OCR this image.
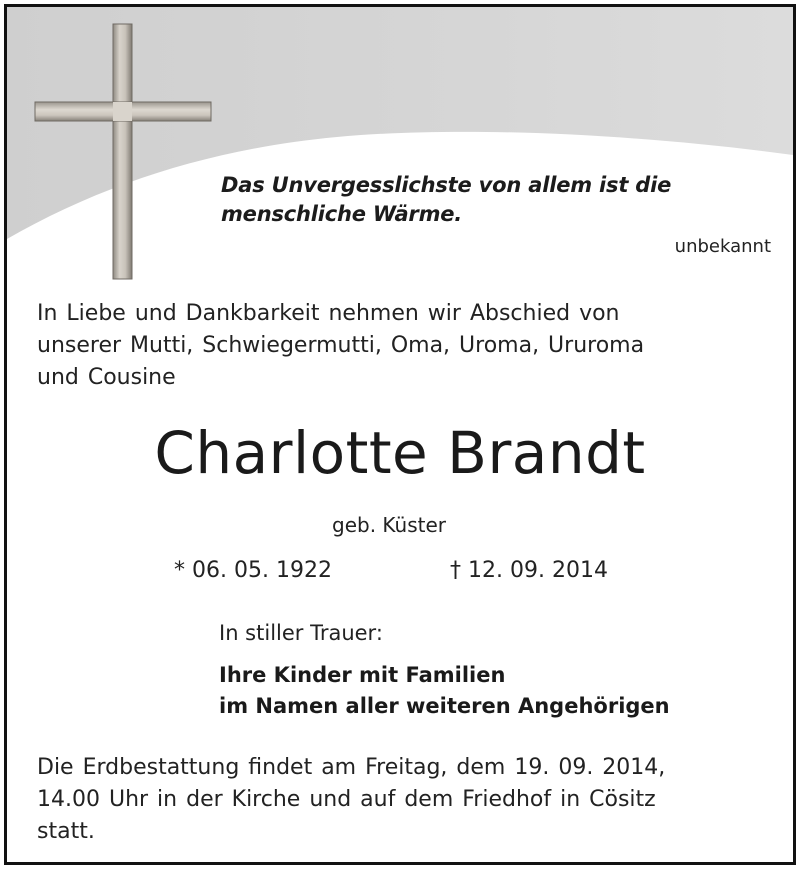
Das Unvergesslichste von allem ist die
menschliche Wärme.
unbekannt
In Liebe und Dankbarkeit nehmen wir Abschied von
unserer Mutti, Schwiegermutti, Oma, Uroma, Ururoma
und Cousine
Charlotte Brandt
geb. Küster
* 06. 05. 1922	† 12. 09. 2014
In stiller Trauer:
Ihre Kinder mit Familien
im Namen aller weiteren Angehörigen
Die Erdbestattung findet am Freitag, dem 19. 09. 2014,
14.00 Uhr in der Kirche und auf dem Friedhof in Cösitz
statt.
